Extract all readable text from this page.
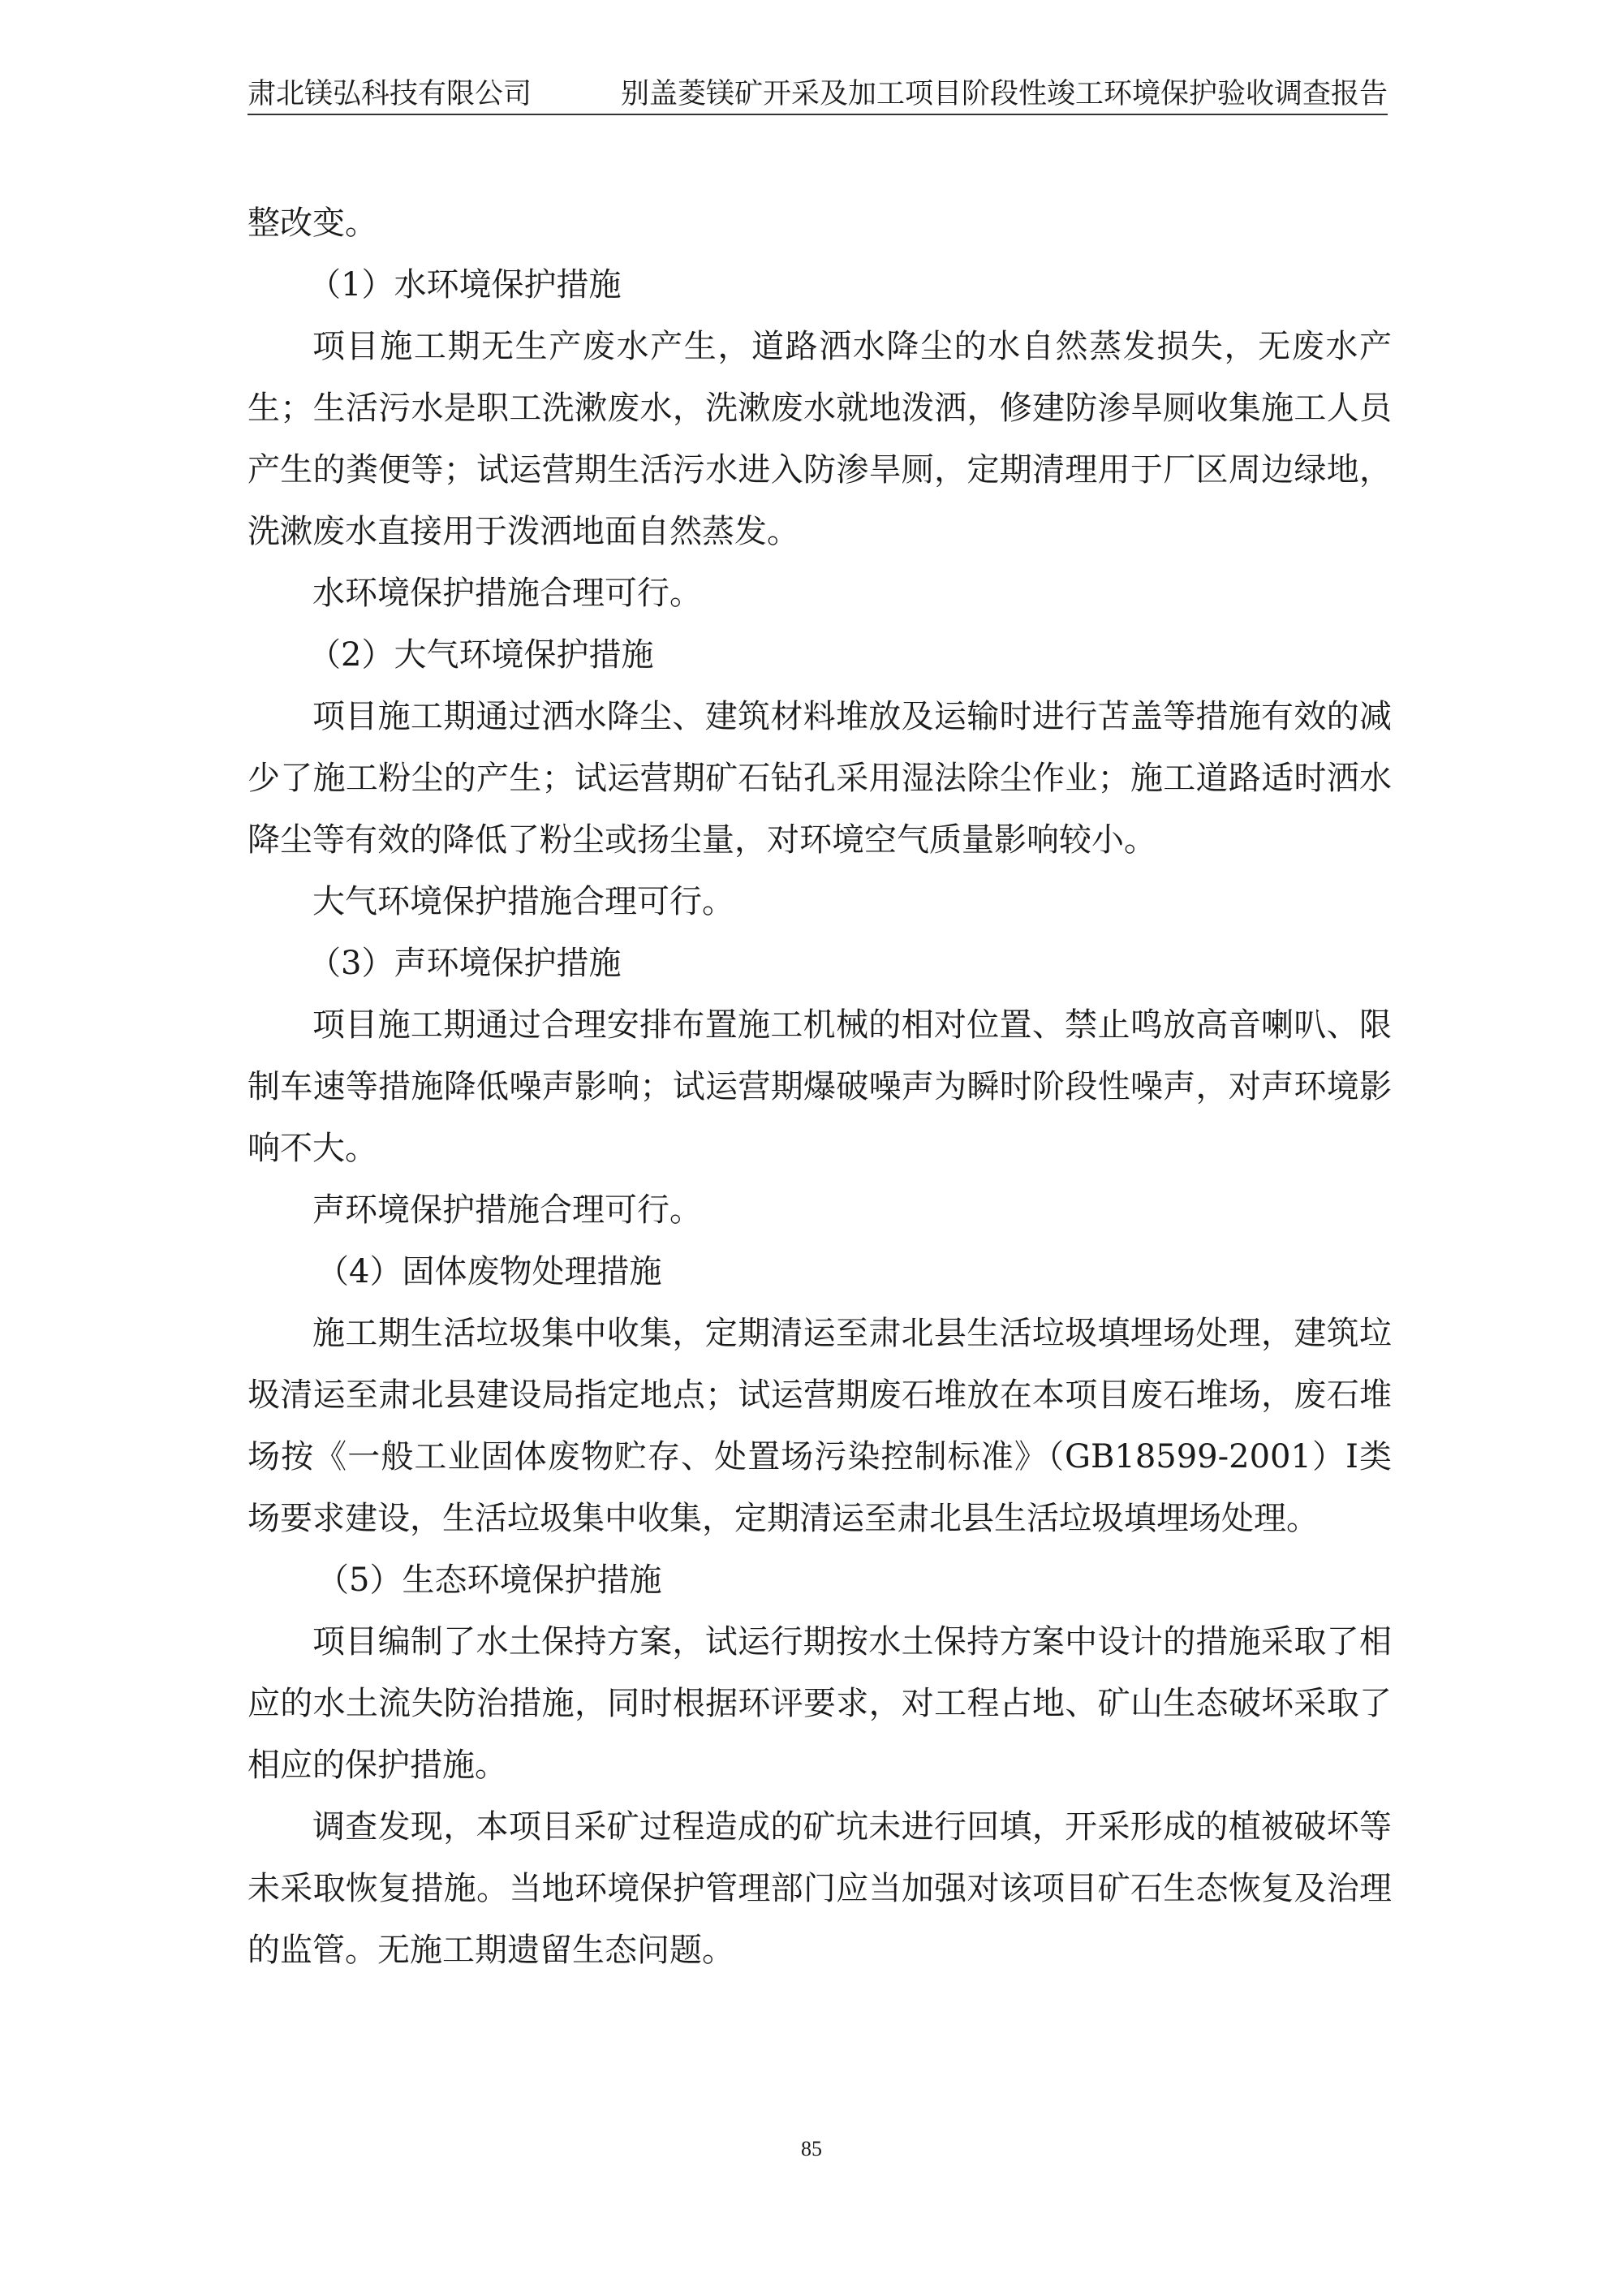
肃北镁弘科技有限公司	别盖菱镁矿开采及加工项目阶段性竣工环境保护验收调查报告

整改变。

（1）水环境保护措施

项目施工期无生产废水产生，道路洒水降尘的水自然蒸发损失，无废水产生；生活污水是职工洗漱废水，洗漱废水就地泼洒，修建防渗旱厕收集施工人员产生的粪便等；试运营期生活污水进入防渗旱厕，定期清理用于厂区周边绿地，洗漱废水直接用于泼洒地面自然蒸发。

水环境保护措施合理可行。

（2）大气环境保护措施

项目施工期通过洒水降尘、建筑材料堆放及运输时进行苫盖等措施有效的减少了施工粉尘的产生；试运营期矿石钻孔采用湿法除尘作业；施工道路适时洒水降尘等有效的降低了粉尘或扬尘量，对环境空气质量影响较小。

大气环境保护措施合理可行。

（3）声环境保护措施

项目施工期通过合理安排布置施工机械的相对位置、禁止鸣放高音喇叭、限制车速等措施降低噪声影响；试运营期爆破噪声为瞬时阶段性噪声，对声环境影响不大。

声环境保护措施合理可行。

（4）固体废物处理措施

施工期生活垃圾集中收集，定期清运至肃北县生活垃圾填埋场处理，建筑垃圾清运至肃北县建设局指定地点；试运营期废石堆放在本项目废石堆场，废石堆场按《一般工业固体废物贮存、处置场污染控制标准》（GB18599-2001）Ⅰ类场要求建设，生活垃圾集中收集，定期清运至肃北县生活垃圾填埋场处理。

（5）生态环境保护措施

项目编制了水土保持方案，试运行期按水土保持方案中设计的措施采取了相应的水土流失防治措施，同时根据环评要求，对工程占地、矿山生态破坏采取了相应的保护措施。

调查发现，本项目采矿过程造成的矿坑未进行回填，开采形成的植被破坏等未采取恢复措施。当地环境保护管理部门应当加强对该项目矿石生态恢复及治理的监管。无施工期遗留生态问题。

85
